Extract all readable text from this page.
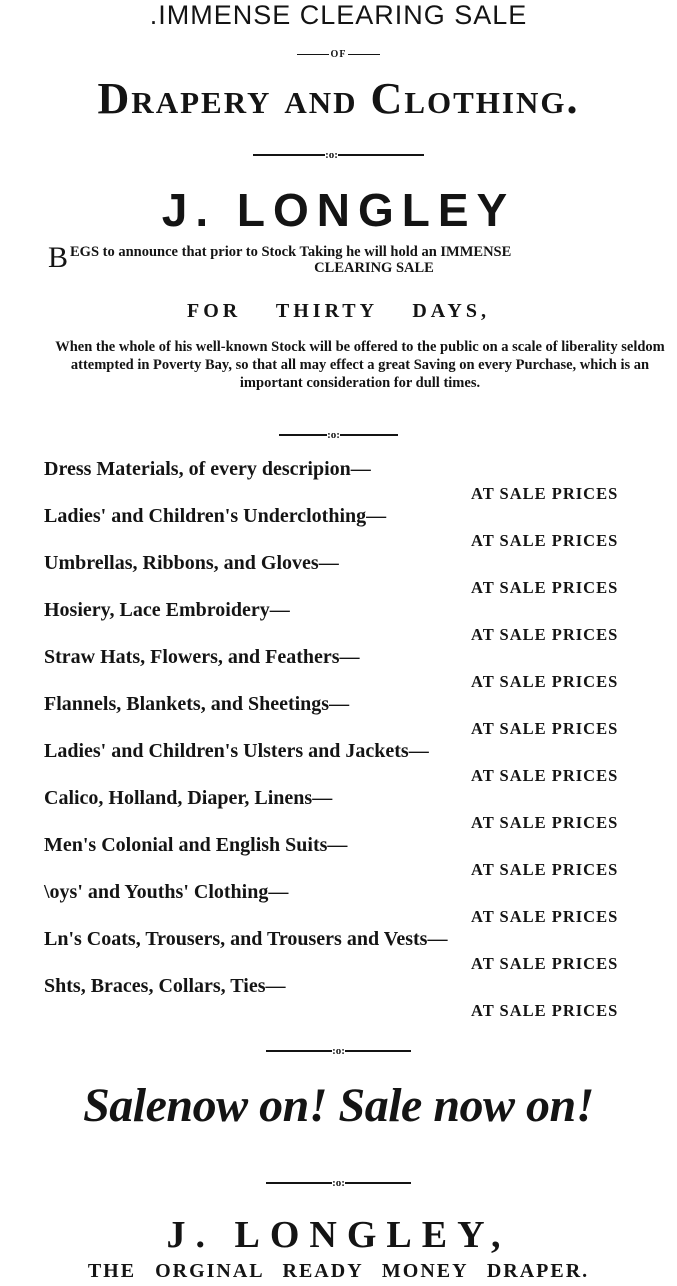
.IMMENSE CLEARING SALE
OF
Drapery and Clothing.
:o:
J. LONGLEY
B EGS to announce that prior to Stock Taking he will hold an IMMENSE
CLEARING SALE
FOR THIRTY DAYS,
When the whole of his well-known Stock will be offered to the public on a scale of liberality seldom attempted in Poverty Bay, so that all may effect a great Saving on every Purchase, which is an important consideration for dull times.
:o:
Dress Materials, of every descripion—
AT SALE PRICES
Ladies' and Children's Underclothing—
AT SALE PRICES
Umbrellas, Ribbons, and Gloves—
AT SALE PRICES
Hosiery, Lace Embroidery—
AT SALE PRICES
Straw Hats, Flowers, and Feathers—
AT SALE PRICES
Flannels, Blankets, and Sheetings—
AT SALE PRICES
Ladies' and Children's Ulsters and Jackets—
AT SALE PRICES
Calico, Holland, Diaper, Linens—
AT SALE PRICES
Men's Colonial and English Suits—
AT SALE PRICES
\oys' and Youths' Clothing—
AT SALE PRICES
Ln's Coats, Trousers, and Trousers and Vests—
AT SALE PRICES
Shts, Braces, Collars, Ties—
AT SALE PRICES
:o:
Salenow on! Sale now on!
:o:
J. LONGLEY,
THE ORGINAL READY MONEY DRAPER.
